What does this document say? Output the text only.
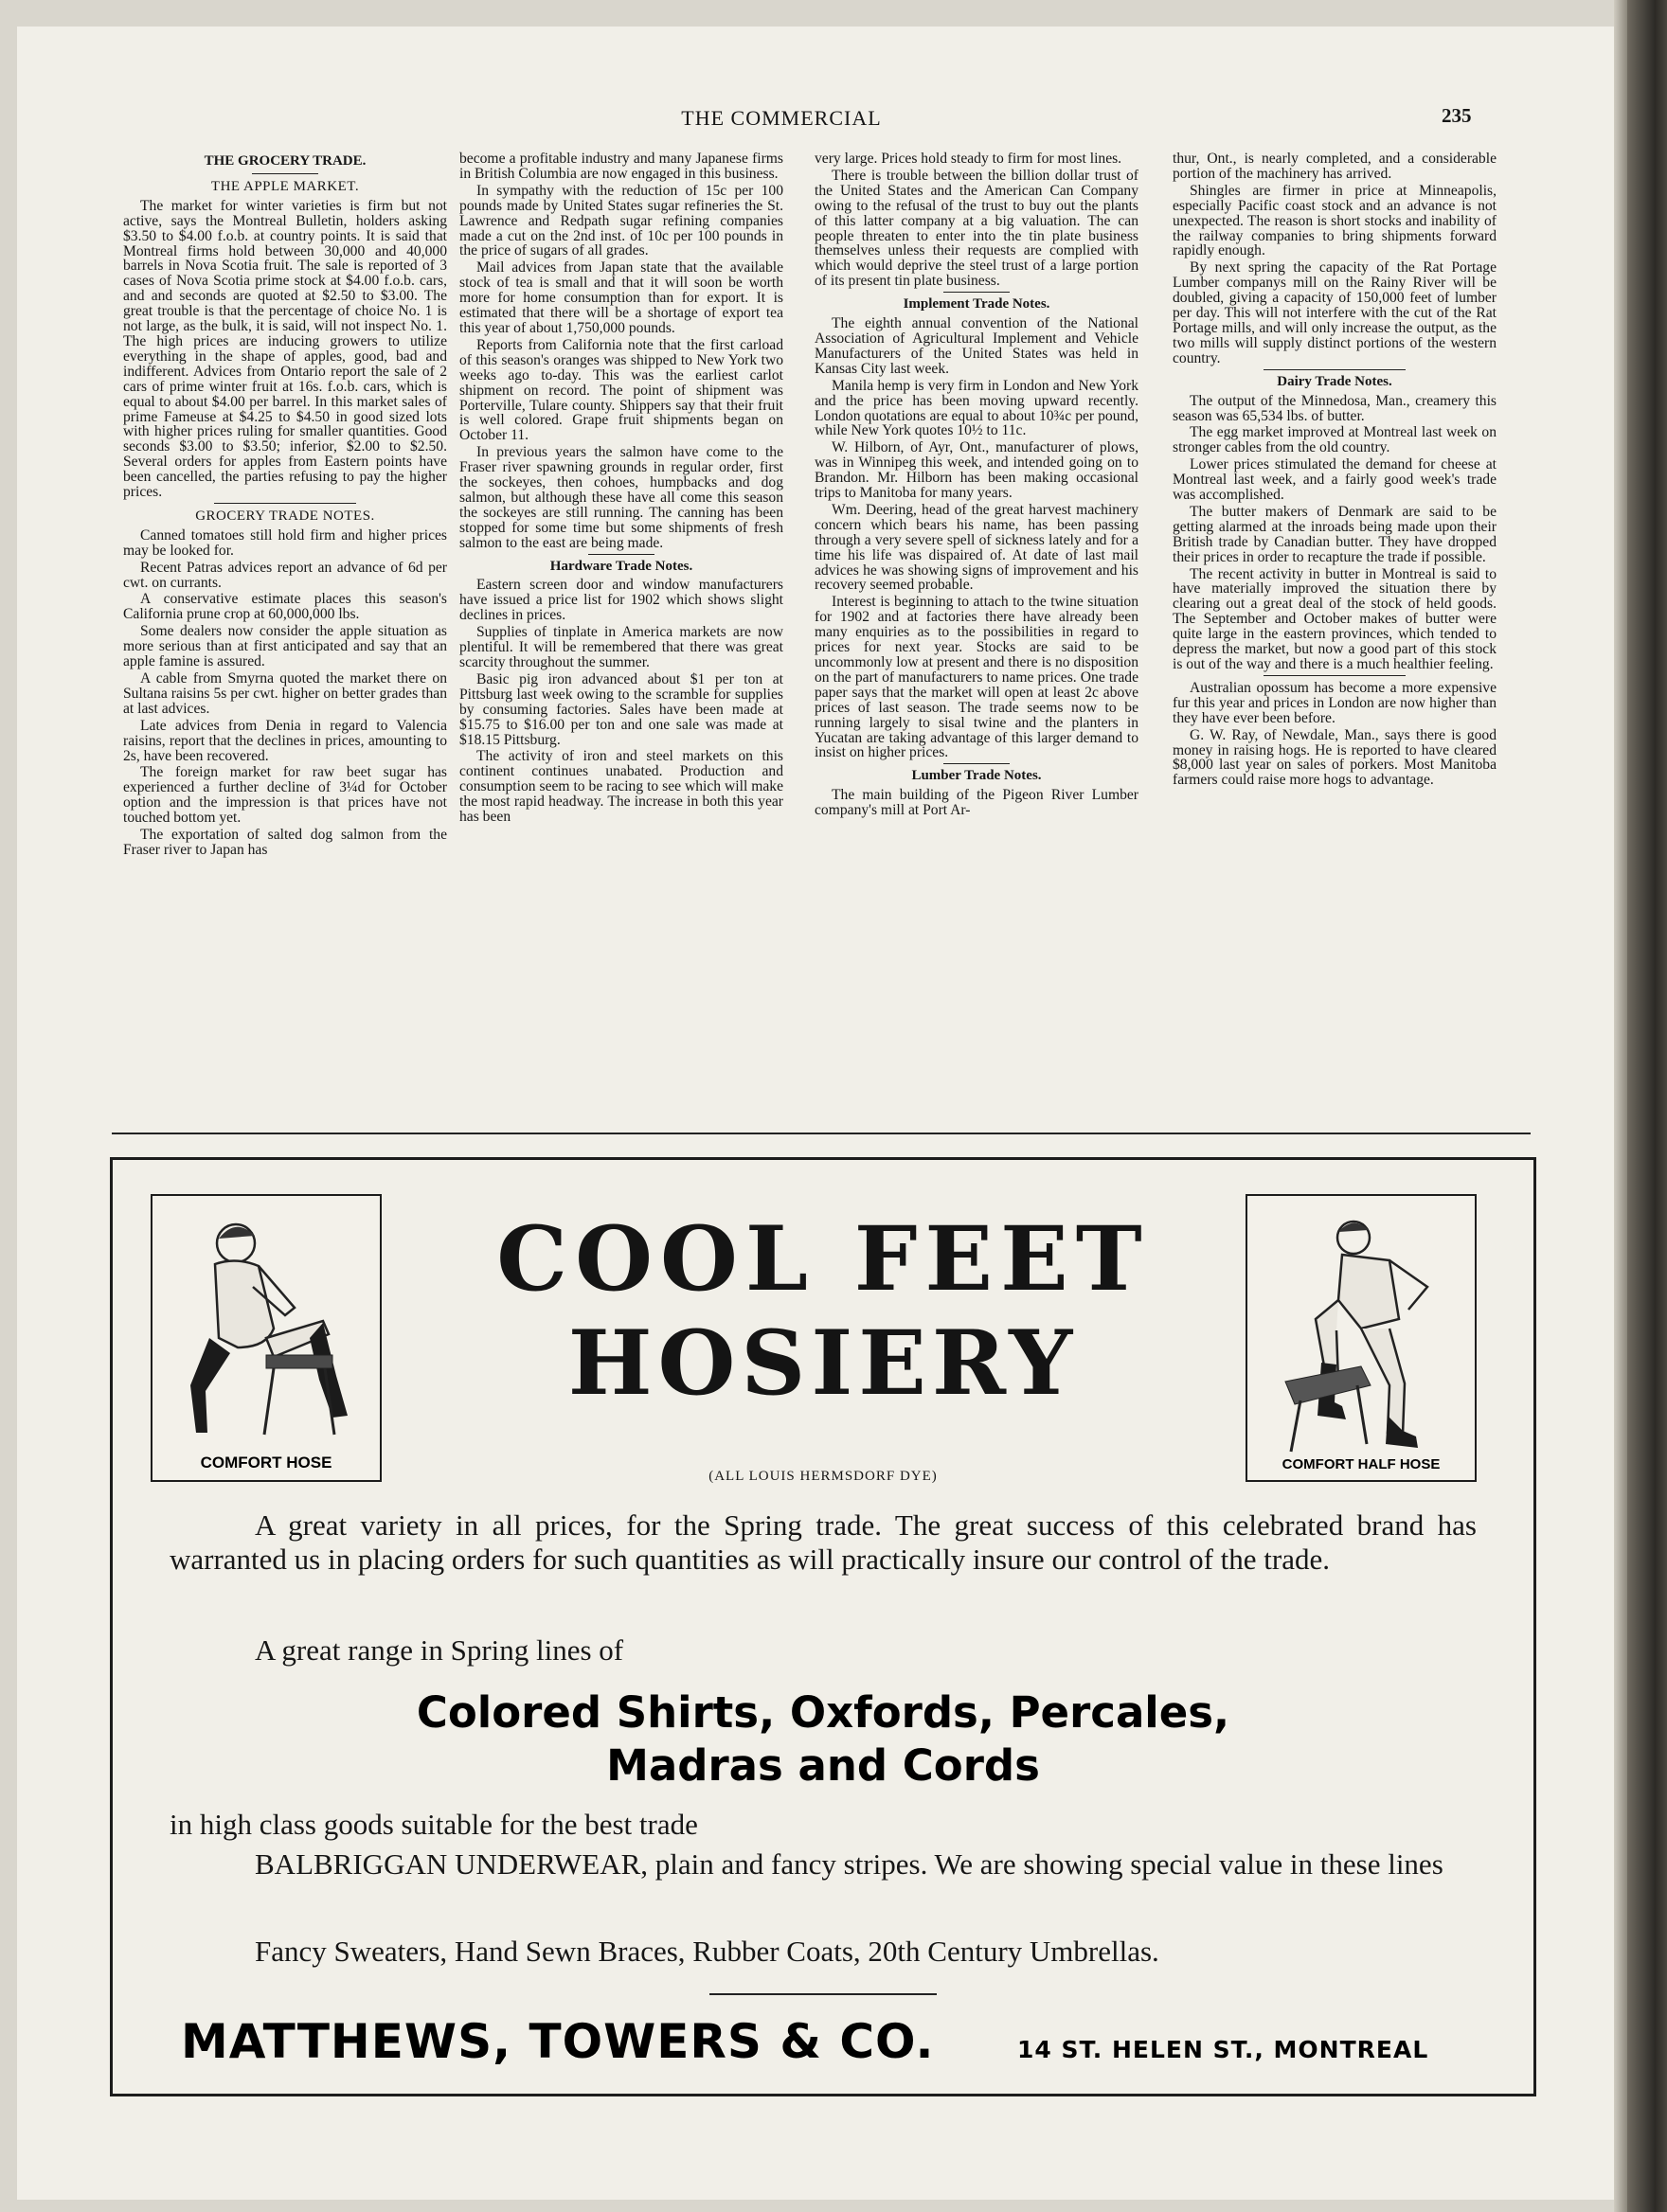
THE COMMERCIAL	235
THE GROCERY TRADE.
THE APPLE MARKET.

The market for winter varieties is firm but not active, says the Montreal Bulletin, holders asking $3.50 to $4.00 f.o.b. at country points. It is said that Montreal firms hold between 30,000 and 40,000 barrels in Nova Scotia fruit. The sale is reported of 3 cases of Nova Scotia prime stock at $4.00 f.o.b. cars, and and seconds are quoted at $2.50 to $3.00. The great trouble is that the percentage of choice No. 1 is not large, as the bulk, it is said, will not inspect No. 1. The high prices are inducing growers to utilize everything in the shape of apples, good, bad and indifferent. Advices from Ontario report the sale of 2 cars of prime winter fruit at 16s. f.o.b. cars, which is equal to about $4.00 per barrel. In this market sales of prime Fameuse at $4.25 to $4.50 in good sized lots with higher prices ruling for smaller quantities. Good seconds $3.00 to $3.50; inferior, $2.00 to $2.50. Several orders for apples from Eastern points have been cancelled, the parties refusing to pay the higher prices.

GROCERY TRADE NOTES.

Canned tomatoes still hold firm and higher prices may be looked for.

Recent Patras advices report an advance of 6d per cwt. on currants.

A conservative estimate places this season's California prune crop at 60,000,000 lbs.

Some dealers now consider the apple situation as more serious than at first anticipated and say that an apple famine is assured.

A cable from Smyrna quoted the market there on Sultana raisins 5s per cwt. higher on better grades than at last advices.

Late advices from Denia in regard to Valencia raisins, report that the declines in prices, amounting to 2s, have been recovered.

The foreign market for raw beet sugar has experienced a further decline of 3¼d for October option and the impression is that prices have not touched bottom yet.

The exportation of salted dog salmon from the Fraser river to Japan has

become a profitable industry and many Japanese firms in British Columbia are now engaged in this business.

In sympathy with the reduction of 15c per 100 pounds made by United States sugar refineries the St. Lawrence and Redpath sugar refining companies made a cut on the 2nd inst. of 10c per 100 pounds in the price of sugars of all grades.

Mail advices from Japan state that the available stock of tea is small and that it will soon be worth more for home consumption than for export. It is estimated that there will be a shortage of export tea this year of about 1,750,000 pounds.

Reports from California note that the first carload of this season's oranges was shipped to New York two weeks ago to-day. This was the earliest carlot shipment on record. The point of shipment was Porterville, Tulare county. Shippers say that their fruit is well colored. Grape fruit shipments began on October 11.

In previous years the salmon have come to the Fraser river spawning grounds in regular order, first the sockeyes, then cohoes, humpbacks and dog salmon, but although these have all come this season the sockeyes are still running. The canning has been stopped for some time but some shipments of fresh salmon to the east are being made.

Hardware Trade Notes.

Eastern screen door and window manufacturers have issued a price list for 1902 which shows slight declines in prices.

Supplies of tinplate in America markets are now plentiful. It will be remembered that there was great scarcity throughout the summer.

Basic pig iron advanced about $1 per ton at Pittsburg last week owing to the scramble for supplies by consuming factories. Sales have been made at $15.75 to $16.00 per ton and one sale was made at $18.15 Pittsburg.

The activity of iron and steel markets on this continent continues unabated. Production and consumption seem to be racing to see which will make the most rapid headway. The increase in both this year has been

very large. Prices hold steady to firm for most lines.

There is trouble between the billion dollar trust of the United States and the American Can Company owing to the refusal of the trust to buy out the plants of this latter company at a big valuation. The can people threaten to enter into the tin plate business themselves unless their requests are complied with which would deprive the steel trust of a large portion of its present tin plate business.

Implement Trade Notes.

The eighth annual convention of the National Association of Agricultural Implement and Vehicle Manufacturers of the United States was held in Kansas City last week.

Manila hemp is very firm in London and New York and the price has been moving upward recently. London quotations are equal to about 10¾c per pound, while New York quotes 10½ to 11c.

W. Hilborn, of Ayr, Ont., manufacturer of plows, was in Winnipeg this week, and intended going on to Brandon. Mr. Hilborn has been making occasional trips to Manitoba for many years.

Wm. Deering, head of the great harvest machinery concern which bears his name, has been passing through a very severe spell of sickness lately and for a time his life was dispaired of. At date of last mail advices he was showing signs of improvement and his recovery seemed probable.

Interest is beginning to attach to the twine situation for 1902 and at factories there have already been many enquiries as to the possibilities in regard to prices for next year. Stocks are said to be uncommonly low at present and there is no disposition on the part of manufacturers to name prices. One trade paper says that the market will open at least 2c above prices of last season. The trade seems now to be running largely to sisal twine and the planters in Yucatan are taking advantage of this larger demand to insist on higher prices.

Lumber Trade Notes.

The main building of the Pigeon River Lumber company's mill at Port Ar-

thur, Ont., is nearly completed, and a considerable portion of the machinery has arrived.

Shingles are firmer in price at Minneapolis, especially Pacific coast stock and an advance is not unexpected. The reason is short stocks and inability of the railway companies to bring shipments forward rapidly enough.

By next spring the capacity of the Rat Portage Lumber companys mill on the Rainy River will be doubled, giving a capacity of 150,000 feet of lumber per day. This will not interfere with the cut of the Rat Portage mills, and will only increase the output, as the two mills will supply distinct portions of the western country.

Dairy Trade Notes.

The output of the Minnedosa, Man., creamery this season was 65,534 lbs. of butter.

The egg market improved at Montreal last week on stronger cables from the old country.

Lower prices stimulated the demand for cheese at Montreal last week, and a fairly good week's trade was accomplished.

The butter makers of Denmark are said to be getting alarmed at the inroads being made upon their British trade by Canadian butter. They have dropped their prices in order to recapture the trade if possible.

The recent activity in butter in Montreal is said to have materially improved the situation there by clearing out a great deal of the stock of held goods. The September and October makes of butter were quite large in the eastern provinces, which tended to depress the market, but now a good part of this stock is out of the way and there is a much healthier feeling.

Australian opossum has become a more expensive fur this year and prices in London are now higher than they have ever been before.

G. W. Ray, of Newdale, Man., says there is good money in raising hogs. He is reported to have cleared $8,000 last year on sales of porkers. Most Manitoba farmers could raise more hogs to advantage.

COMFORT HOSE	COMFORT HALF HOSE
COOL FEET
HOSIERY
(ALL LOUIS HERMSDORF DYE)
A great variety in all prices, for the Spring trade. The great success of this celebrated brand has warranted us in placing orders for such quantities as will practically insure our control of the trade.
A great range in Spring lines of
Colored Shirts, Oxfords, Percales,
Madras and Cords
in high class goods suitable for the best trade
BALBRIGGAN UNDERWEAR, plain and fancy stripes. We are showing special value in these lines
Fancy Sweaters, Hand Sewn Braces, Rubber Coats, 20th Century Umbrellas.
MATTHEWS, TOWERS & CO.	14 ST. HELEN ST., MONTREAL
